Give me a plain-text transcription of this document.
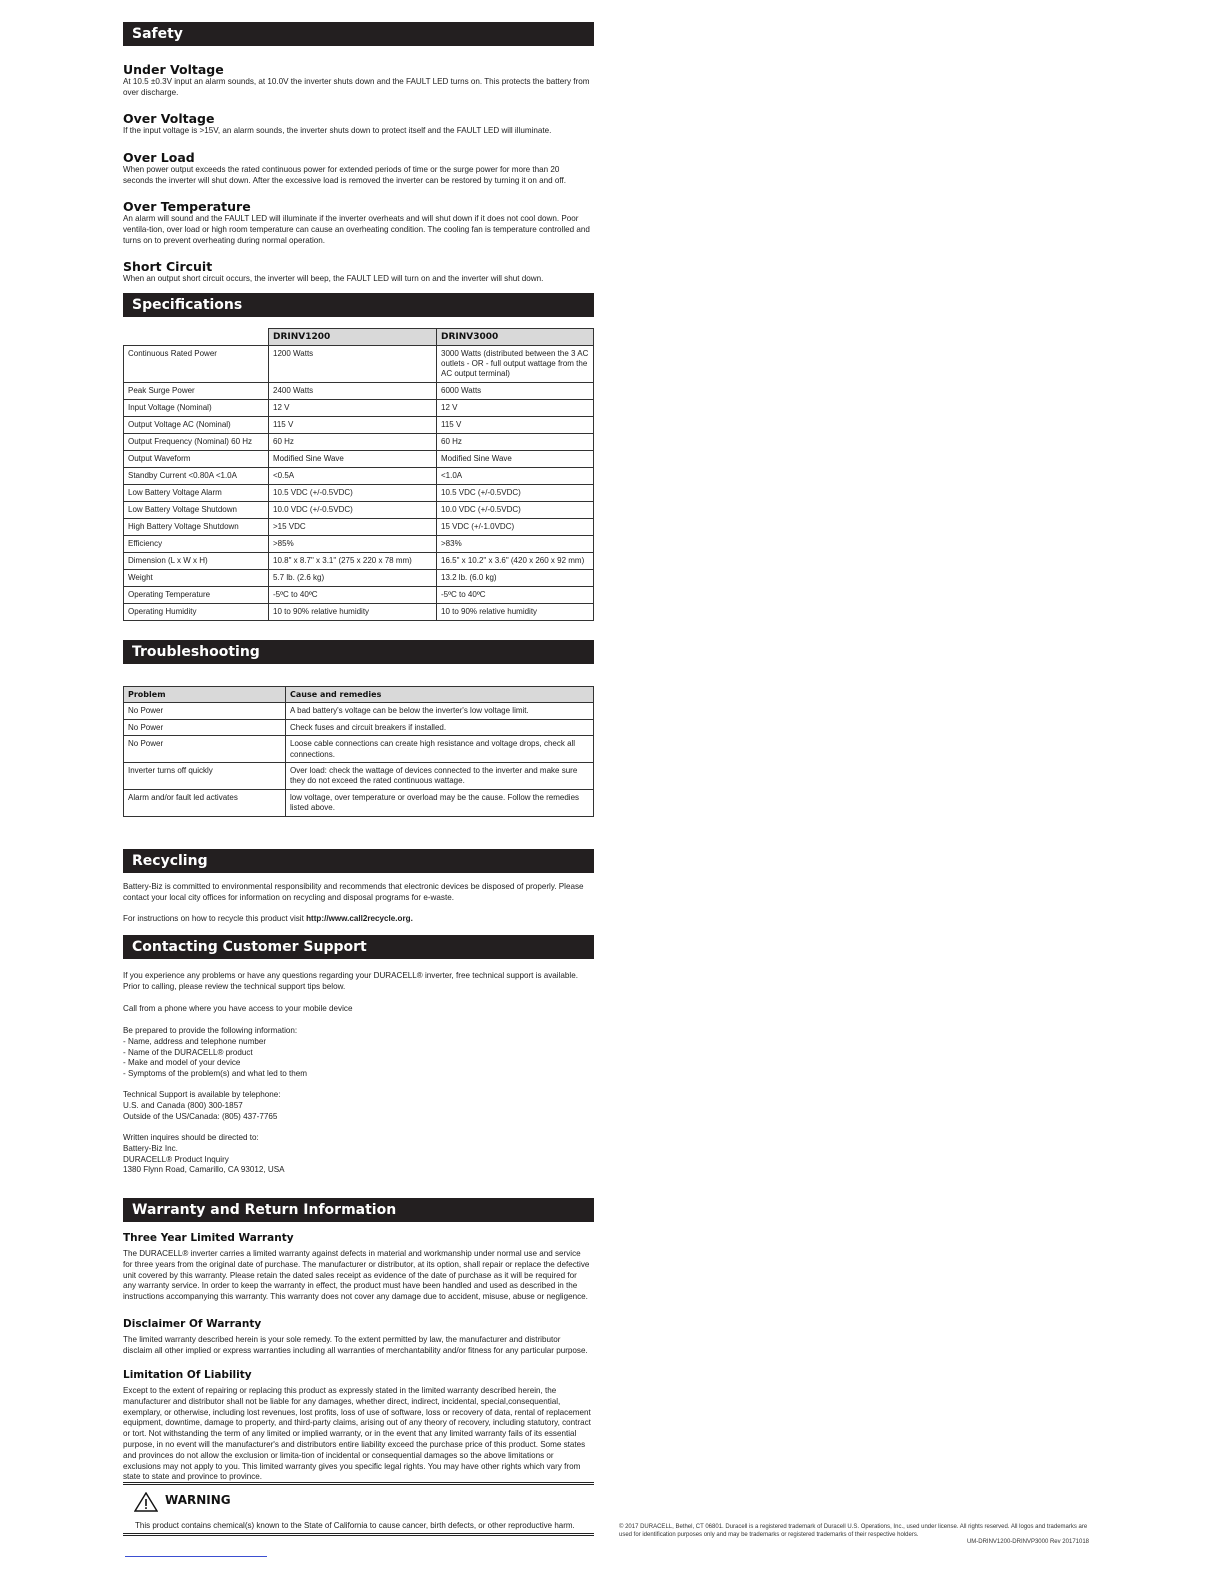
Safety
Under Voltage
At 10.5 ±0.3V input an alarm sounds, at 10.0V the inverter shuts down and the FAULT LED turns on. This protects the battery from over discharge.
Over Voltage
If the input voltage is >15V, an alarm sounds, the inverter shuts down to protect itself and the FAULT LED will illuminate.
Over Load
When power output exceeds the rated continuous power for extended periods of time or the surge power for more than 20 seconds the inverter will shut down. After the excessive load is removed the inverter can be restored by turning it on and off.
Over Temperature
An alarm will sound and the FAULT LED will illuminate if the inverter overheats and will shut down if it does not cool down. Poor ventila-tion, over load or high room temperature can cause an overheating condition. The cooling fan is temperature controlled and turns on to prevent overheating during normal operation.
Short Circuit
When an output short circuit occurs, the inverter will beep, the FAULT LED will turn on and the inverter will shut down.
Specifications
	DRINV1200	DRINV3000
Continuous Rated Power	1200 Watts	3000 Watts (distributed between the 3 AC outlets - OR - full output wattage from the AC output terminal)
Peak Surge Power	2400 Watts	6000 Watts
Input Voltage (Nominal)	12 V	12 V
Output Voltage AC (Nominal)	115 V	115 V
Output Frequency (Nominal) 60 Hz	60 Hz	60 Hz
Output Waveform	Modified Sine Wave	Modified Sine Wave
Standby Current <0.80A <1.0A	<0.5A	<1.0A
Low Battery Voltage Alarm	10.5 VDC (+/-0.5VDC)	10.5 VDC (+/-0.5VDC)
Low Battery Voltage Shutdown	10.0 VDC (+/-0.5VDC)	10.0 VDC (+/-0.5VDC)
High Battery Voltage Shutdown	>15 VDC	15 VDC (+/-1.0VDC)
Efficiency	>85%	>83%
Dimension (L x W x H)	10.8" x 8.7" x 3.1" (275 x 220 x 78 mm)	16.5" x 10.2" x 3.6" (420 x 260 x 92 mm)
Weight	5.7 lb. (2.6 kg)	13.2 lb. (6.0 kg)
Operating Temperature	-5ºC to 40ºC	-5ºC to 40ºC
Operating Humidity	10 to 90% relative humidity	10 to 90% relative humidity
Troubleshooting
Problem	Cause and remedies
No Power	A bad battery's voltage can be below the inverter's low voltage limit.
No Power	Check fuses and circuit breakers if installed.
No Power	Loose cable connections can create high resistance and voltage drops, check all connections.
Inverter turns off quickly	Over load: check the wattage of devices connected to the inverter and make sure they do not exceed the rated continuous wattage.
Alarm and/or fault led activates	low voltage, over temperature or overload may be the cause. Follow the remedies listed above.
Recycling
Battery-Biz is committed to environmental responsibility and recommends that electronic devices be disposed of properly. Please contact your local city offices for information on recycling and disposal programs for e-waste.
For instructions on how to recycle this product visit http://www.call2recycle.org.
Contacting Customer Support
If you experience any problems or have any questions regarding your DURACELL® inverter, free technical support is available. Prior to calling, please review the technical support tips below.
Call from a phone where you have access to your mobile device
Be prepared to provide the following information:
- Name, address and telephone number
- Name of the DURACELL® product
- Make and model of your device
- Symptoms of the problem(s) and what led to them
Technical Support is available by telephone:
U.S. and Canada (800) 300-1857
Outside of the US/Canada: (805) 437-7765
Written inquires should be directed to:
Battery-Biz Inc.
DURACELL® Product Inquiry
1380 Flynn Road, Camarillo, CA 93012, USA
Warranty and Return Information
Three Year Limited Warranty
The DURACELL® inverter carries a limited warranty against defects in material and workmanship under normal use and service for three years from the original date of purchase. The manufacturer or distributor, at its option, shall repair or replace the defective unit covered by this warranty. Please retain the dated sales receipt as evidence of the date of purchase as it will be required for any warranty service. In order to keep the warranty in effect, the product must have been handled and used as described in the instructions accompanying this warranty. This warranty does not cover any damage due to accident, misuse, abuse or negligence.
Disclaimer Of Warranty
The limited warranty described herein is your sole remedy. To the extent permitted by law, the manufacturer and distributor disclaim all other implied or express warranties including all warranties of merchantability and/or fitness for any particular purpose.
Limitation Of Liability
Except to the extent of repairing or replacing this product as expressly stated in the limited warranty described herein, the manufacturer and distributor shall not be liable for any damages, whether direct, indirect, incidental, special,consequential, exemplary, or otherwise, including lost revenues, lost profits, loss of use of software, loss or recovery of data, rental of replacement equipment, downtime, damage to property, and third-party claims, arising out of any theory of recovery, including statutory, contract or tort. Not withstanding the term of any limited or implied warranty, or in the event that any limited warranty fails of its essential purpose, in no event will the manufacturer's and distributors entire liability exceed the purchase price of this product. Some states and provinces do not allow the exclusion or limita-tion of incidental or consequential damages so the above limitations or exclusions may not apply to you. This limited warranty gives you specific legal rights. You may have other rights which vary from state to state and province to province.
WARNING
This product contains chemical(s) known to the State of California to cause cancer, birth defects, or other reproductive harm.	© 2017 DURACELL, Bethel, CT 06801. Duracell is a registered trademark of Duracell U.S. Operations, Inc., used under license. All rights reserved. All logos and trademarks are used for identification purposes only and may be trademarks or registered trademarks of their respective holders.
UM-DRINV1200-DRINVP3000 Rev 20171018
